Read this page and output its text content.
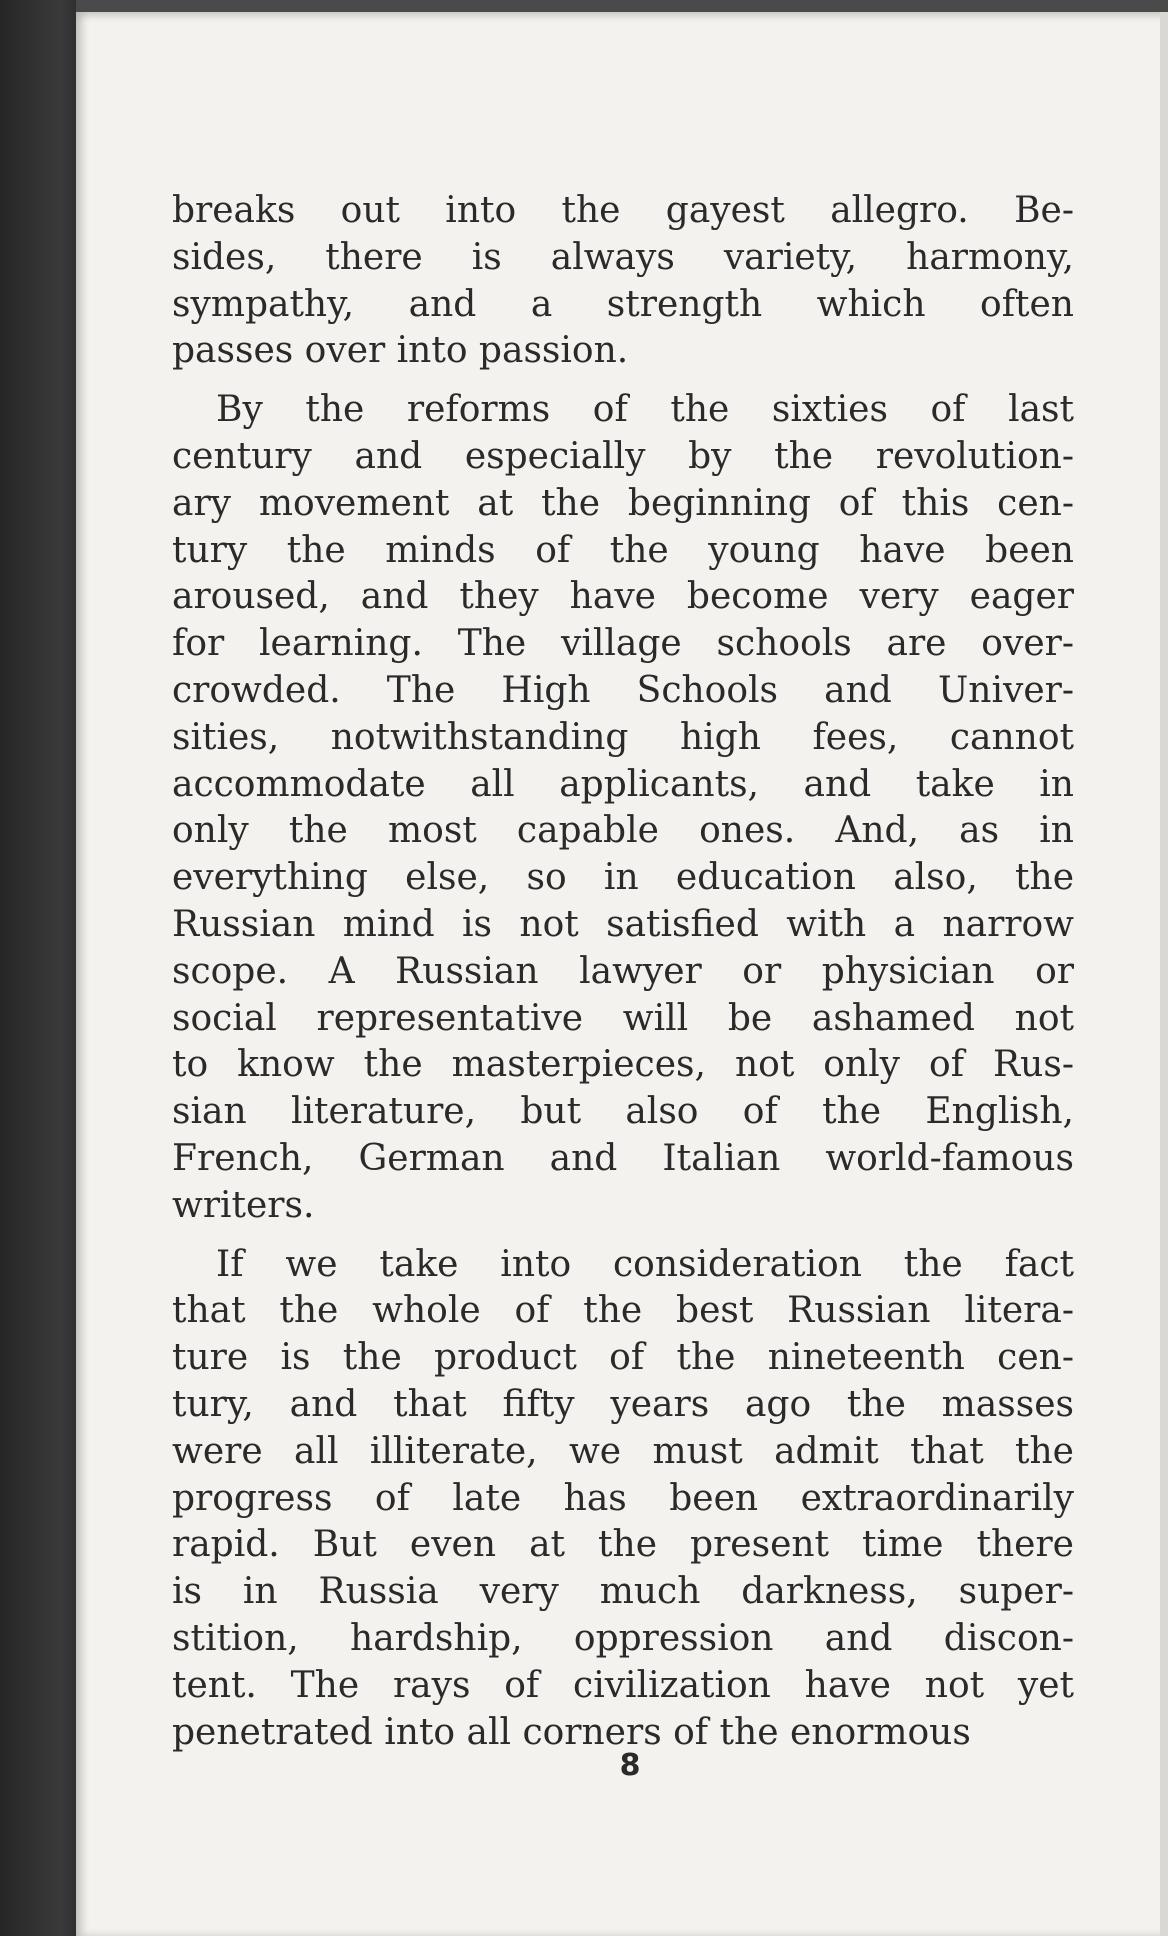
breaks out into the gayest allegro. Be-
sides, there is always variety, harmony,
sympathy, and a strength which often
passes over into passion.
By the reforms of the sixties of last
century and especially by the revolution-
ary movement at the beginning of this cen-
tury the minds of the young have been
aroused, and they have become very eager
for learning. The village schools are over-
crowded. The High Schools and Univer-
sities, notwithstanding high fees, cannot
accommodate all applicants, and take in
only the most capable ones. And, as in
everything else, so in education also, the
Russian mind is not satisfied with a narrow
scope. A Russian lawyer or physician or
social representative will be ashamed not
to know the masterpieces, not only of Rus-
sian literature, but also of the English,
French, German and Italian world-famous
writers.
If we take into consideration the fact
that the whole of the best Russian litera-
ture is the product of the nineteenth cen-
tury, and that fifty years ago the masses
were all illiterate, we must admit that the
progress of late has been extraordinarily
rapid. But even at the present time there
is in Russia very much darkness, super-
stition, hardship, oppression and discon-
tent. The rays of civilization have not yet
penetrated into all corners of the enormous
8
